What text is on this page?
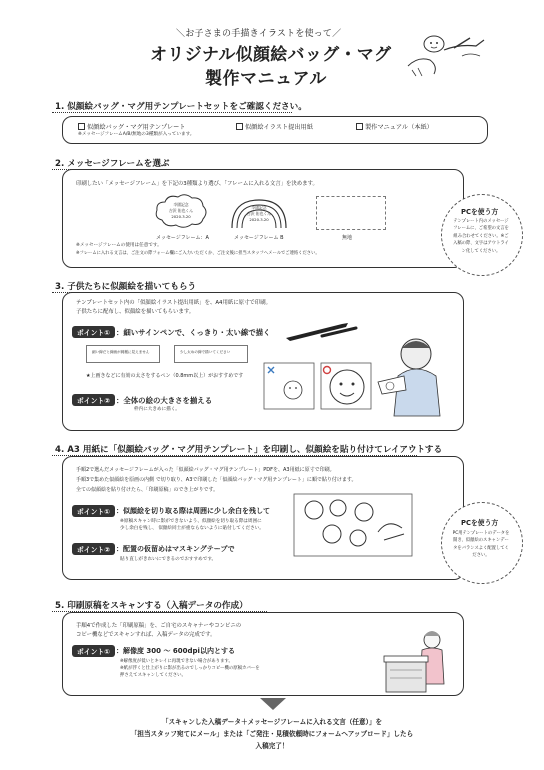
＼お子さまの手描きイラストを使って／
オリジナル似顔絵バッグ・マグ
製作マニュアル
1. 似顔絵バッグ・マグ用テンプレートセットをご確認ください。
似顔絵バッグ・マグ用テンプレート	似顔絵イラスト提出用紙	製作マニュアル（本紙）
※メッセージフレームA/B/無地の3種類が入っています。
2. メッセージフレームを選ぶ
印刷したい「メッセージフレーム」を下記の3種類より選び、「フレームに入れる文言」を決めます。
卒園記念
吉沢 佑也くん
2020.3.20
メッセージフレーム：A
卒園記念
吉沢 佑也くん
2020.3.20
メッセージフレーム B	無地
※メッセージフレームの使用は任意です。
※フレームに入れる文言は、ご注文の際フォーム欄にご入力いただくか、ご注文後に担当スタッフへメールでご連絡ください。
PCを使う方
テンプレート内のメッセージフレームに、ご希望の文言を組み合わせてください。※ご入稿の際、文字はアウトライン化してください。
3. 子供たちに似顔絵を描いてもらう
テンプレートセット内の「似顔絵イラスト提出用紙」を、A4用紙に原寸で印刷。
子供たちに配布し、似顔絵を描いてもらいます。
ポイント① ：細いサインペンで、くっきり・太い線で描く
細い線だと線画が綺麗に見えません	少し太めの線で描いてください
★上画きなどに有効の太さをするペン（0.8mm以上）がおすすめです
ポイント② ：全体の絵の大きさを揃える
枠内に大きめに描く。
4. A3 用紙に「似顔絵バッグ・マグ用テンプレート」を印刷し、似顔絵を貼り付けてレイアウトする
手順2で選んだメッセージフレームが入った「似顔絵バッグ・マグ用テンプレート」PDFを、A3用紙に原寸で印刷。
手順3で集めた似顔絵を原画の内側 で切り取り、A3で印刷した「似顔絵バッグ・マグ用テンプレート」に順で貼り付けます。
全ての似顔絵を貼り付けたら、「印刷原稿」のでき上がりです。
ポイント① ：似顔絵を切り取る際は周囲に少し余白を残して
※原稿スキャン時に影ができないよう、似顔絵を切り取る際は周囲に
少し余白を残し、 似顔絵同士が重ならないように貼付してください。
ポイント② ：配置の仮留めはマスキングテープで
貼り直しがきれいにできるのでおすすめです。
PCを使う方
PC用テンプレートのデータを開き、似顔絵のスキャンデータをバランスよく配置してください。
5. 印刷原稿をスキャンする（入稿データの作成）
手順4で作成した「印刷原稿」を、ご自宅のスキャナーやコンビニの
コピー機などでスキャンすれば、入稿データの完成です。
ポイント① ：解像度 300 ～ 600dpi以内とする
※解像度が低いとキレイに再現できない場合があります。
※紙が浮くと仕上がりに影が出るのでしっかりコピー機の原稿カバーを
押さえてスキャンしてください。
「スキャンした入稿データ＋メッセージフレームに入れる文言（任意）」を
「担当スタッフ宛てにメール」または「ご発注・見積依頼時にフォームへアップロード」したら
入稿完了！
